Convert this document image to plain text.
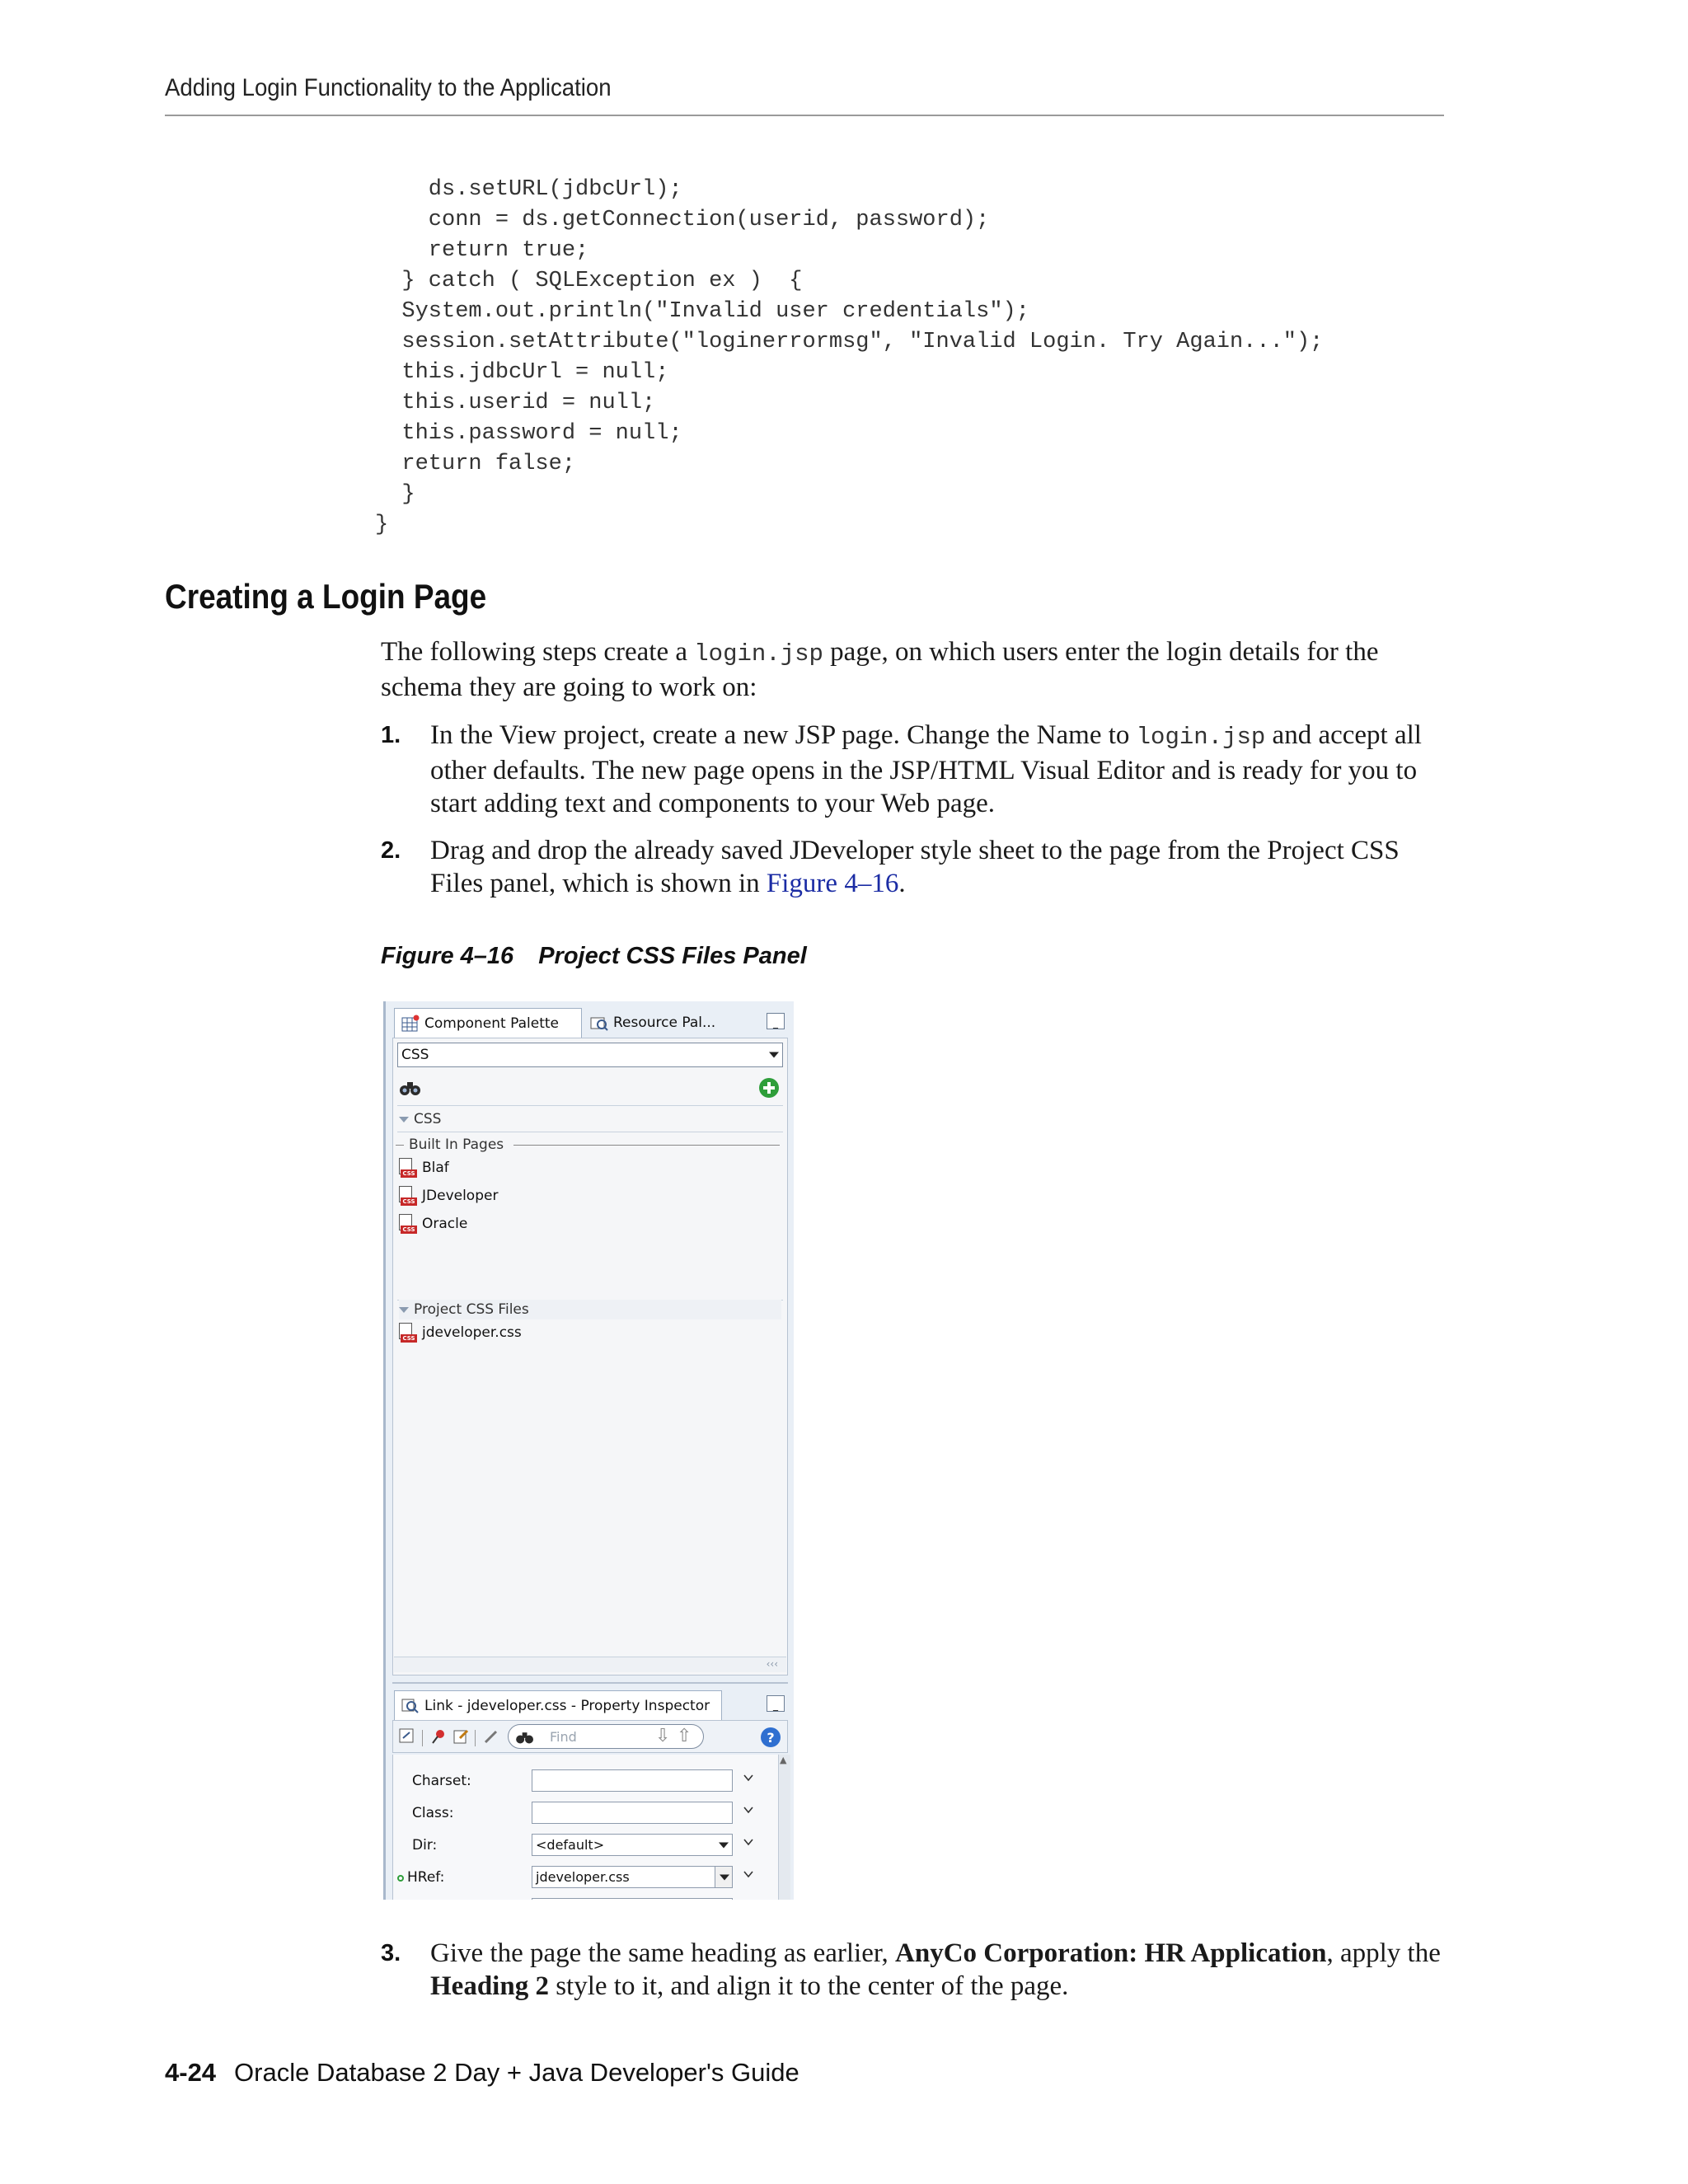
Adding Login Functionality to the Application
ds.setURL(jdbcUrl);
conn = ds.getConnection(userid, password);
return true;
} catch ( SQLException ex )  {
System.out.println("Invalid user credentials");
session.setAttribute("loginerrormsg", "Invalid Login. Try Again...");
this.jdbcUrl = null;
this.userid = null;
this.password = null;
return false;
}
}
Creating a Login Page

The following steps create a login.jsp page, on which users enter the login details for the schema they are going to work on:

1. In the View project, create a new JSP page. Change the Name to login.jsp and accept all other defaults. The new page opens in the JSP/HTML Visual Editor and is ready for you to start adding text and components to your Web page.

2. Drag and drop the already saved JDeveloper style sheet to the page from the Project CSS Files panel, which is shown in Figure 4–16.

Figure 4–16 Project CSS Files Panel
Component Palette	Resource Pal...	_
CSS
CSS
Built In Pages
CSS Blaf
CSS JDeveloper
CSS Oracle
Project CSS Files
CSS jdeveloper.css
‹‹‹
Link - jdeveloper.css - Property Inspector	_
Find	⇩ ⇧	?
▲
Charset:
Class:
Dir:	<default>
HRef:	jdeveloper.css
3. Give the page the same heading as earlier, AnyCo Corporation: HR Application, apply the Heading 2 style to it, and align it to the center of the page.

4-24 Oracle Database 2 Day + Java Developer's Guide
